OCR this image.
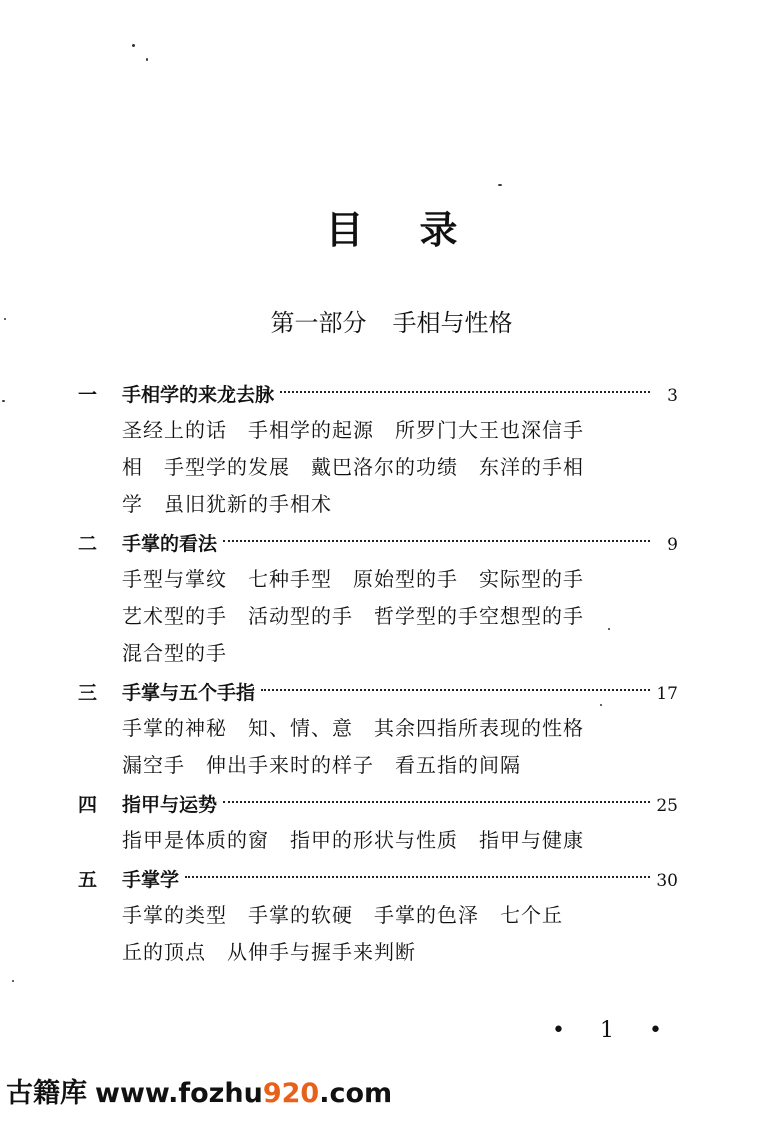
目录
第一部分 手相与性格
一	手相学的来龙去脉	3
圣经上的话　手相学的起源　所罗门大王也深信手相　手型学的发展　戴巴洛尔的功绩　东洋的手相学　虽旧犹新的手相术
二	手掌的看法	9
手型与掌纹　七种手型　原始型的手　实际型的手　艺术型的手　活动型的手　哲学型的手空想型的手　混合型的手
三	手掌与五个手指	17
手掌的神秘　知、情、意　其余四指所表现的性格　漏空手　伸出手来时的样子　看五指的间隔
四	指甲与运势	25
指甲是体质的窗　指甲的形状与性质　指甲与健康
五	手掌学	30
手掌的类型　手掌的软硬　手掌的色泽　七个丘　丘的顶点　从伸手与握手来判断
• 1 •
古籍库 www.fozhu920.com
